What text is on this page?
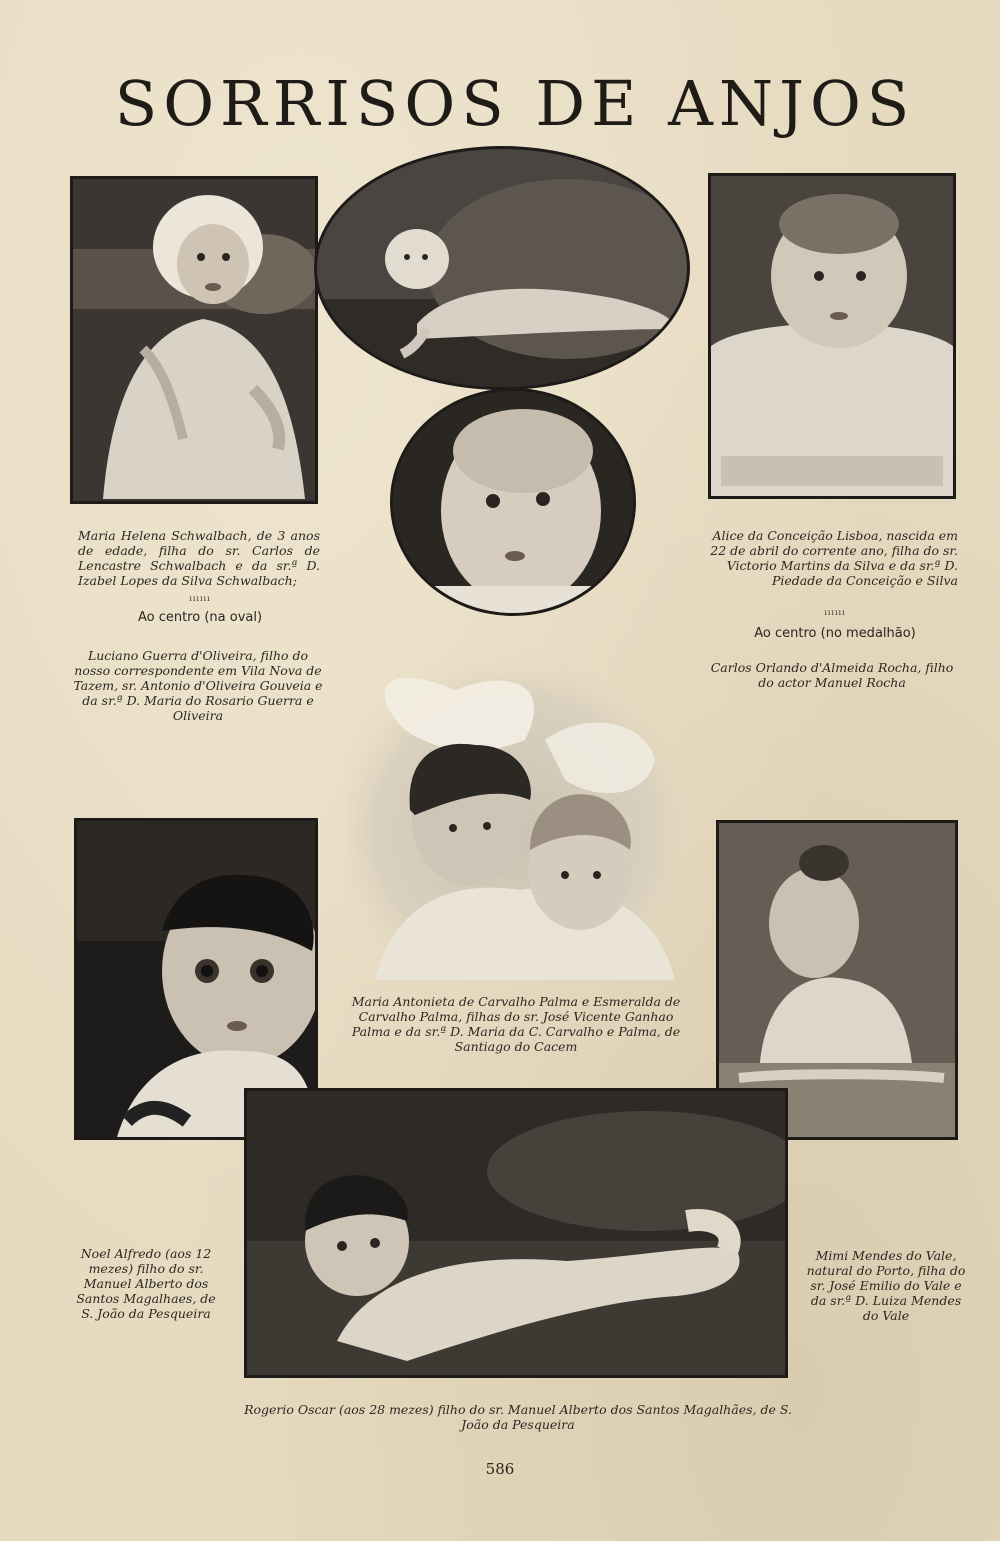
SORRISOS DE ANJOS
Maria Helena Schwalbach, de 3 anos de edade, filha do sr. Carlos de Lencastre Schwalbach e da sr.ª D. Izabel Lopes da Silva Schwalbach;
ıııııı
Ao centro (na oval)
Luciano Guerra d'Oliveira, filho do nosso correspondente em Vila Nova de Tazem, sr. Antonio d'Oliveira Gouveia e da sr.ª D. Maria do Rosario Guerra e Oliveira
Alice da Conceição Lisboa, nascida em 22 de abril do corrente ano, filha do sr. Victorio Martins da Silva e da sr.ª D. Piedade da Conceição e Silva
ıııııı
Ao centro (no medalhão)
Carlos Orlando d'Almeida Rocha, filho do actor Manuel Rocha
Maria Antonieta de Carvalho Palma e Esmeralda de Carvalho Palma, filhas do sr. José Vicente Ganhao Palma e da sr.ª D. Maria da C. Carvalho e Palma, de Santiago do Cacem
Noel Alfredo (aos 12 mezes) filho do sr. Manuel Alberto dos Santos Magalhaes, de S. João da Pesqueira
Mimi Mendes do Vale, natural do Porto, filha do sr. José Emilio do Vale e da sr.ª D. Luiza Mendes do Vale
Rogerio Oscar (aos 28 mezes) filho do sr. Manuel Alberto dos Santos Magalhães, de S. João da Pesqueira
586
